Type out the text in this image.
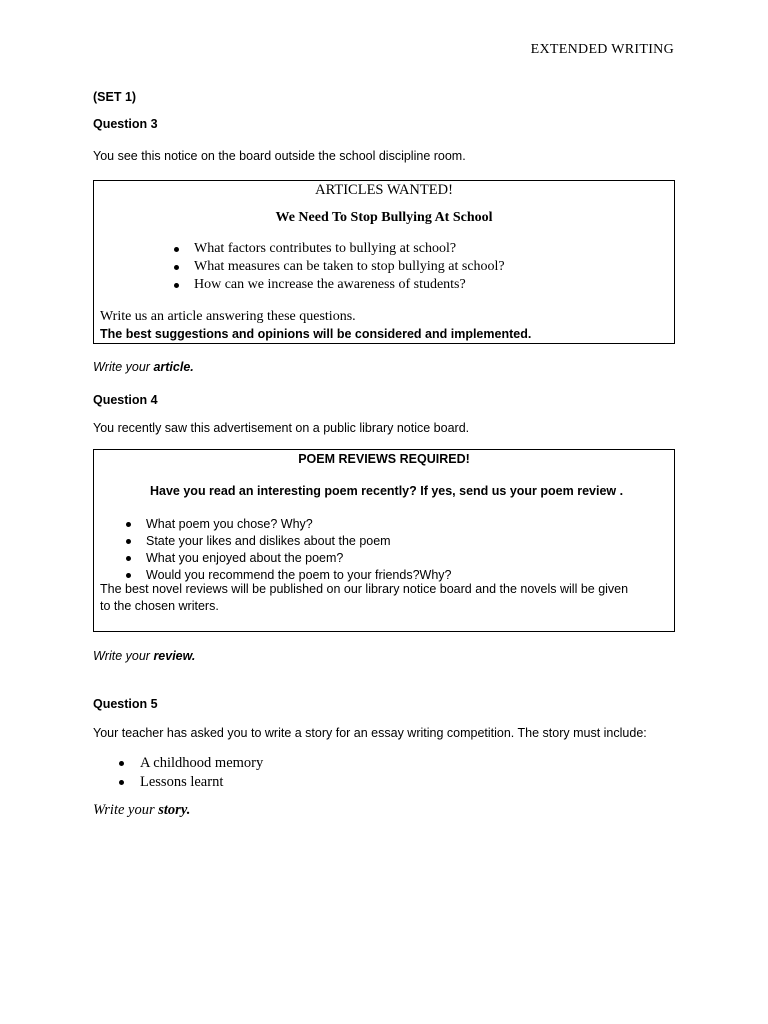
EXTENDED WRITING

(SET 1)

Question 3

You see this notice on the board outside the school discipline room.

ARTICLES WANTED!
We Need To Stop Bullying At School
What factors contributes to bullying at school?
What measures can be taken to stop bullying at school?
How can we increase the awareness of students?

Write us an article answering these questions.

The best suggestions and opinions will be considered and implemented.

Write your article.

Question 4

You recently saw this advertisement on a public library notice board.

POEM REVIEWS REQUIRED!

Have you read an interesting poem recently? If yes, send us your poem review .

What poem you chose? Why?
State your likes and dislikes about the poem
What you enjoyed about the poem?
Would you recommend the poem to your friends?Why?

The best novel reviews will be published on our library notice board and the novels will be given

to the chosen writers.

Write your review.

Question 5

Your teacher has asked you to write a story for an essay writing competition. The story must include:

A childhood memory
Lessons learnt

Write your story.
